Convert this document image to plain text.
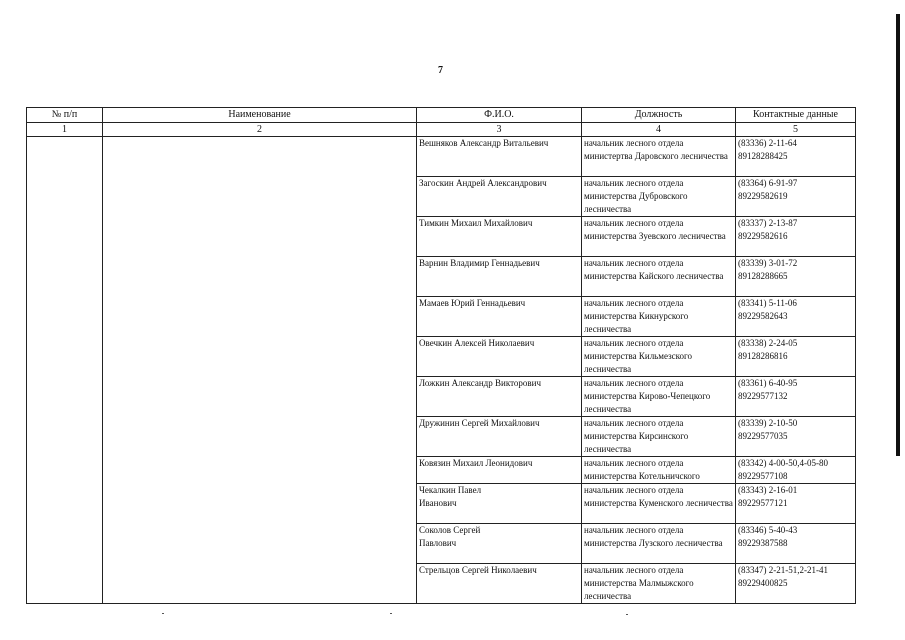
7
№ п/п	Наименование	Ф.И.О.	Должность	Контактные данные
1	2	3	4	5
		Вешняков Александр Витальевич	начальник лесного отдела министертва Даровского лесничества	(83336) 2-11-64
89128288425
		Загоскин Андрей Александрович	начальник лесного отдела министерства Дубровского лесничества	(83364) 6-91-97
89229582619
		Тимкин Михаил Михайлович	начальник лесного отдела министерства Зуевского лесничества	(83337) 2-13-87
89229582616
		Варнин Владимир Геннадьевич	начальник лесного отдела министерства Кайского лесничества	(83339) 3-01-72
89128288665
		Мамаев Юрий Геннадьевич	начальник лесного отдела министерства Кикнурского лесничества	(83341) 5-11-06
89229582643
		Овечкин Алексей Николаевич	начальник лесного отдела министерства Кильмезского лесничества	(83338) 2-24-05
89128286816
		Ложкин Александр Викторович	начальник лесного отдела министерства Кирово-Чепецкого лесничества	(83361) 6-40-95
89229577132
		Дружинин Сергей Михайлович	начальник лесного отдела министерства Кирсинского лесничества	(83339) 2-10-50
89229577035
		Ковязин Михаил Леонидович	начальник лесного отдела министерства Котельничского	(83342) 4-00-50,4-05-80
89229577108
		Чекалкин Павел
Иванович	начальник лесного отдела министерства Куменского лесничества	(83343) 2-16-01
89229577121
		Соколов Сергей
Павлович	начальник лесного отдела министерства Лузского лесничества	(83346) 5-40-43
89229387588
		Стрельцов Сергей Николаевич	начальник лесного отдела министерства Малмыжского лесничества	(83347) 2-21-51,2-21-41
89229400825
